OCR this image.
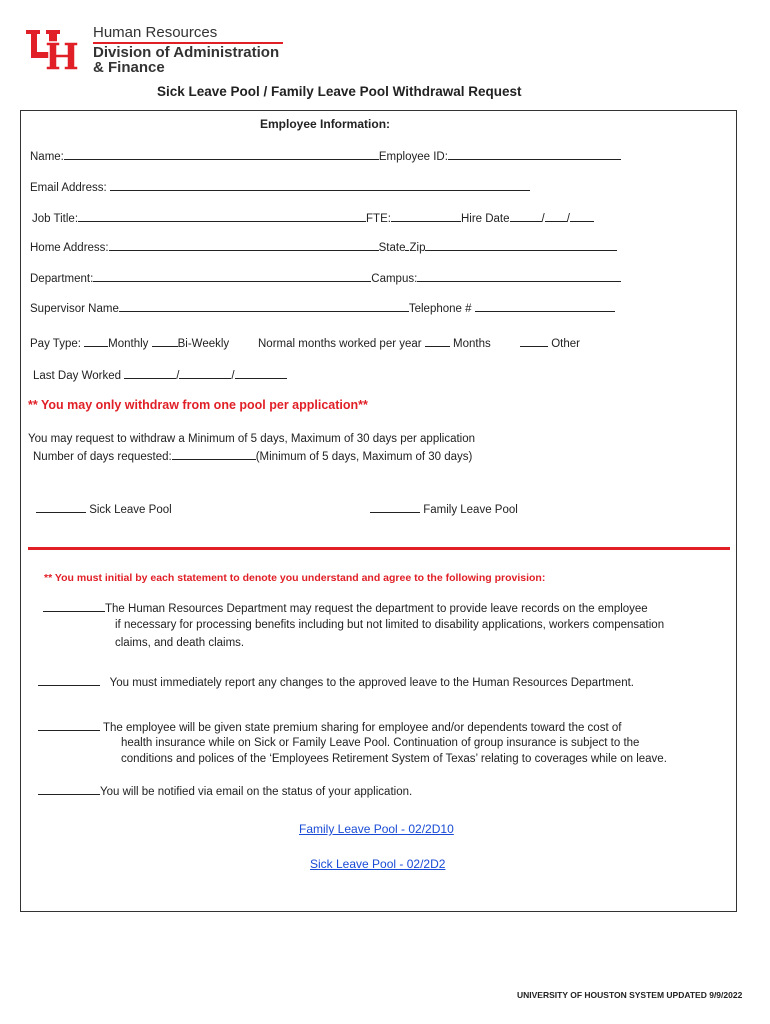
Human Resources
Division of Administration
& Finance
Sick Leave Pool / Family Leave Pool Withdrawal Request
Employee Information:
Name:	Employee ID:
Email Address:
Job Title:	FTE:	Hire Date	/ /
Home Address:	State Zip
Department:	Campus:
Supervisor Name	Telephone #
Pay Type: Monthly	Bi-Weekly	Normal months worked per year	Months	Other
Last Day Worked	/	/
** You may only withdraw from one pool per application**
You may request to withdraw a Minimum of 5 days, Maximum of 30 days per application
Number of days requested:	(Minimum of 5 days, Maximum of 30 days)
Sick Leave Pool	Family Leave Pool
** You must initial by each statement to denote you understand and agree to the following provision:
The Human Resources Department may request the department to provide leave records on the employee
if necessary for processing benefits including but not limited to disability applications, workers compensation
claims, and death claims.
You must immediately report any changes to the approved leave to the Human Resources Department.
The employee will be given state premium sharing for employee and/or dependents toward the cost of
health insurance while on Sick or Family Leave Pool. Continuation of group insurance is subject to the
conditions and polices of the ‘Employees Retirement System of Texas’ relating to coverages while on leave.
You will be notified via email on the status of your application.
Family Leave Pool - 02/2D10
Sick Leave Pool - 02/2D2
UNIVERSITY OF HOUSTON SYSTEM UPDATED 9/9/2022
